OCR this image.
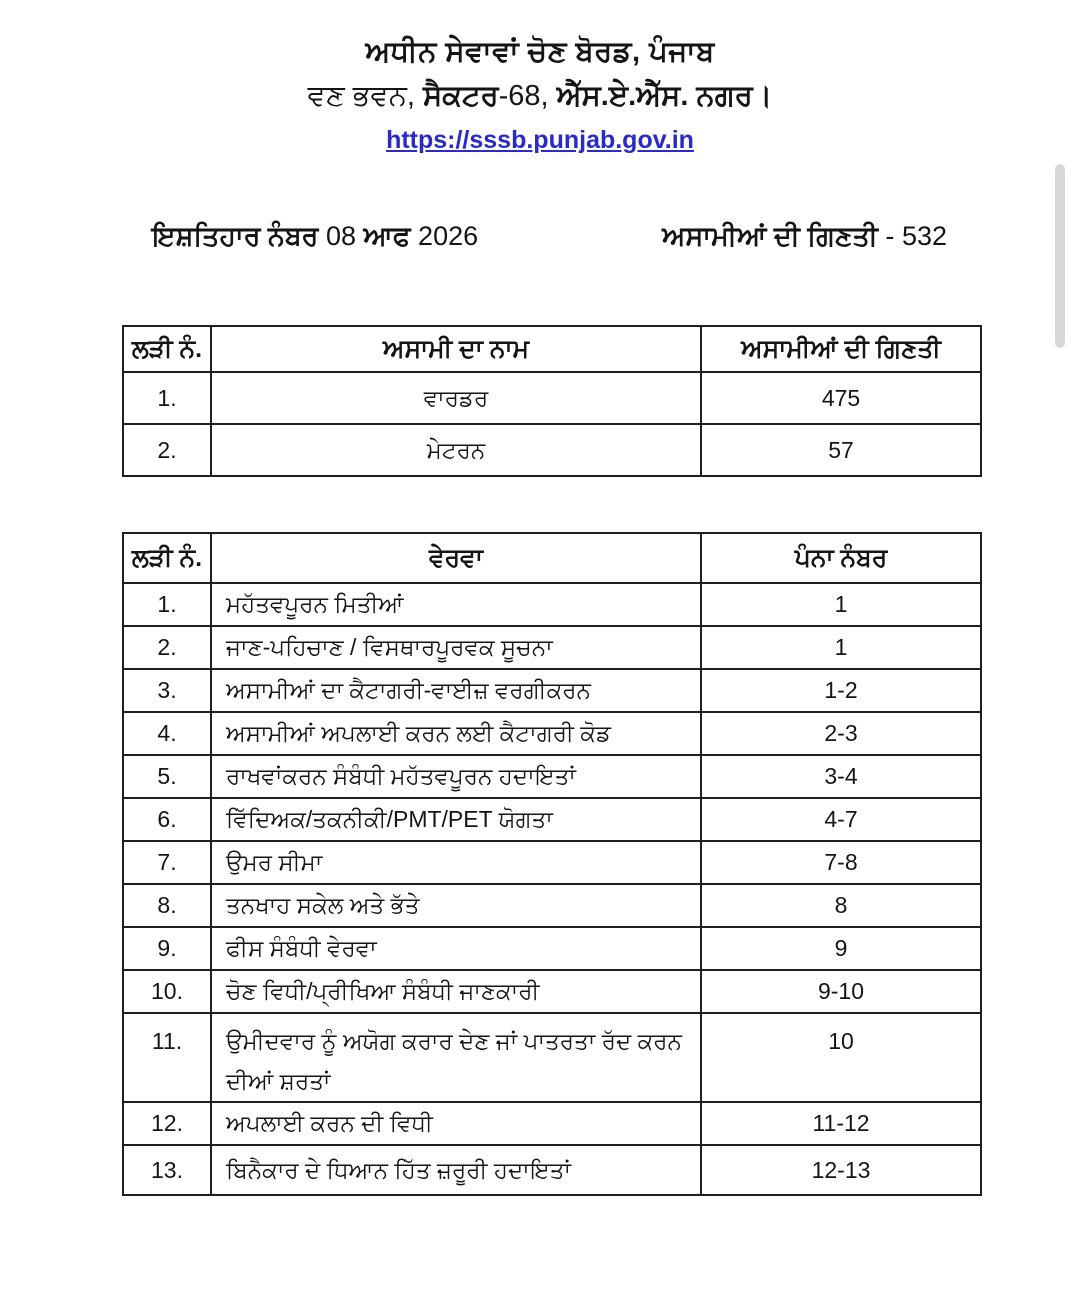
ਅਧੀਨ ਸੇਵਾਵਾਂ ਚੋਣ ਬੋਰਡ, ਪੰਜਾਬ
ਵਣ ਭਵਨ, ਸੈਕਟਰ-68, ਐੱਸ.ਏ.ਐੱਸ. ਨਗਰ।
https://sssb.punjab.gov.in
ਇਸ਼ਤਿਹਾਰ ਨੰਬਰ 08 ਆਫ 2026	ਅਸਾਮੀਆਂ ਦੀ ਗਿਣਤੀ - 532
ਲੜੀ ਨੰ.	ਅਸਾਮੀ ਦਾ ਨਾਮ	ਅਸਾਮੀਆਂ ਦੀ ਗਿਣਤੀ
1.	ਵਾਰਡਰ	475
2.	ਮੇਟਰਨ	57
ਲੜੀ ਨੰ.	ਵੇਰਵਾ	ਪੰਨਾ ਨੰਬਰ
1.	ਮਹੱਤਵਪੂਰਨ ਮਿਤੀਆਂ	1
2.	ਜਾਣ-ਪਹਿਚਾਣ / ਵਿਸਥਾਰਪੂਰਵਕ ਸੂਚਨਾ	1
3.	ਅਸਾਮੀਆਂ ਦਾ ਕੈਟਾਗਰੀ-ਵਾਈਜ਼ ਵਰਗੀਕਰਨ	1-2
4.	ਅਸਾਮੀਆਂ ਅਪਲਾਈ ਕਰਨ ਲਈ ਕੈਟਾਗਰੀ ਕੋਡ	2-3
5.	ਰਾਖਵਾਂਕਰਨ ਸੰਬੰਧੀ ਮਹੱਤਵਪੂਰਨ ਹਦਾਇਤਾਂ	3-4
6.	ਵਿੱਦਿਅਕ/ਤਕਨੀਕੀ/PMT/PET ਯੋਗਤਾ	4-7
7.	ਉਮਰ ਸੀਮਾ	7-8
8.	ਤਨਖਾਹ ਸਕੇਲ ਅਤੇ ਭੱਤੇ	8
9.	ਫੀਸ ਸੰਬੰਧੀ ਵੇਰਵਾ	9
10.	ਚੋਣ ਵਿਧੀ/ਪ੍ਰੀਖਿਆ ਸੰਬੰਧੀ ਜਾਣਕਾਰੀ	9-10
11.	ਉਮੀਦਵਾਰ ਨੂੰ ਅਯੋਗ ਕਰਾਰ ਦੇਣ ਜਾਂ ਪਾਤਰਤਾ ਰੱਦ ਕਰਨ ਦੀਆਂ ਸ਼ਰਤਾਂ	10
12.	ਅਪਲਾਈ ਕਰਨ ਦੀ ਵਿਧੀ	11-12
13.	ਬਿਨੈਕਾਰ ਦੇ ਧਿਆਨ ਹਿੱਤ ਜ਼ਰੂਰੀ ਹਦਾਇਤਾਂ	12-13
